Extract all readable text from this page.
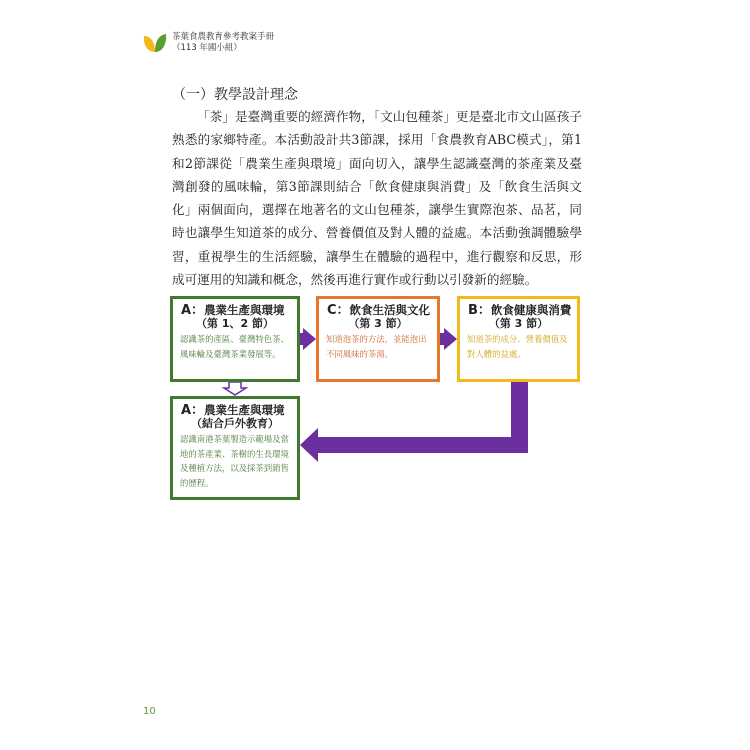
茶葉食農教育參考教案手冊
（113 年國小組）
（一）教學設計理念

「茶」是臺灣重要的經濟作物，「文山包種茶」更是臺北市文山區孩子熟悉的家鄉特產。本活動設計共3節課，採用「食農教育ABC模式」，第1和2節課從「農業生產與環境」面向切入，讓學生認識臺灣的茶產業及臺灣創發的風味輪，第3節課則結合「飲食健康與消費」及「飲食生活與文化」兩個面向，選擇在地著名的文山包種茶，讓學生實際泡茶、品茗，同時也讓學生知道茶的成分、營養價值及對人體的益處。本活動強調體驗學習，重視學生的生活經驗，讓學生在體驗的過程中，進行觀察和反思，形成可運用的知識和概念，然後再進行實作或行動以引發新的經驗。

A：農業生產與環境
（第 1、2 節）
認識茶的產區、臺灣特色茶、風味輪及臺灣茶業發展等。
C：飲食生活與文化
（第 3 節）
知道泡茶的方法，並能泡出不同風味的茶湯。
B：飲食健康與消費
（第 3 節）
知道茶的成分、營養價值及對人體的益處。
A：農業生產與環境
（結合戶外教育）
認識南港茶葉製造示範場及當地的茶產業、茶樹的生長環境及種植方法，以及採茶到銷售的歷程。
10
